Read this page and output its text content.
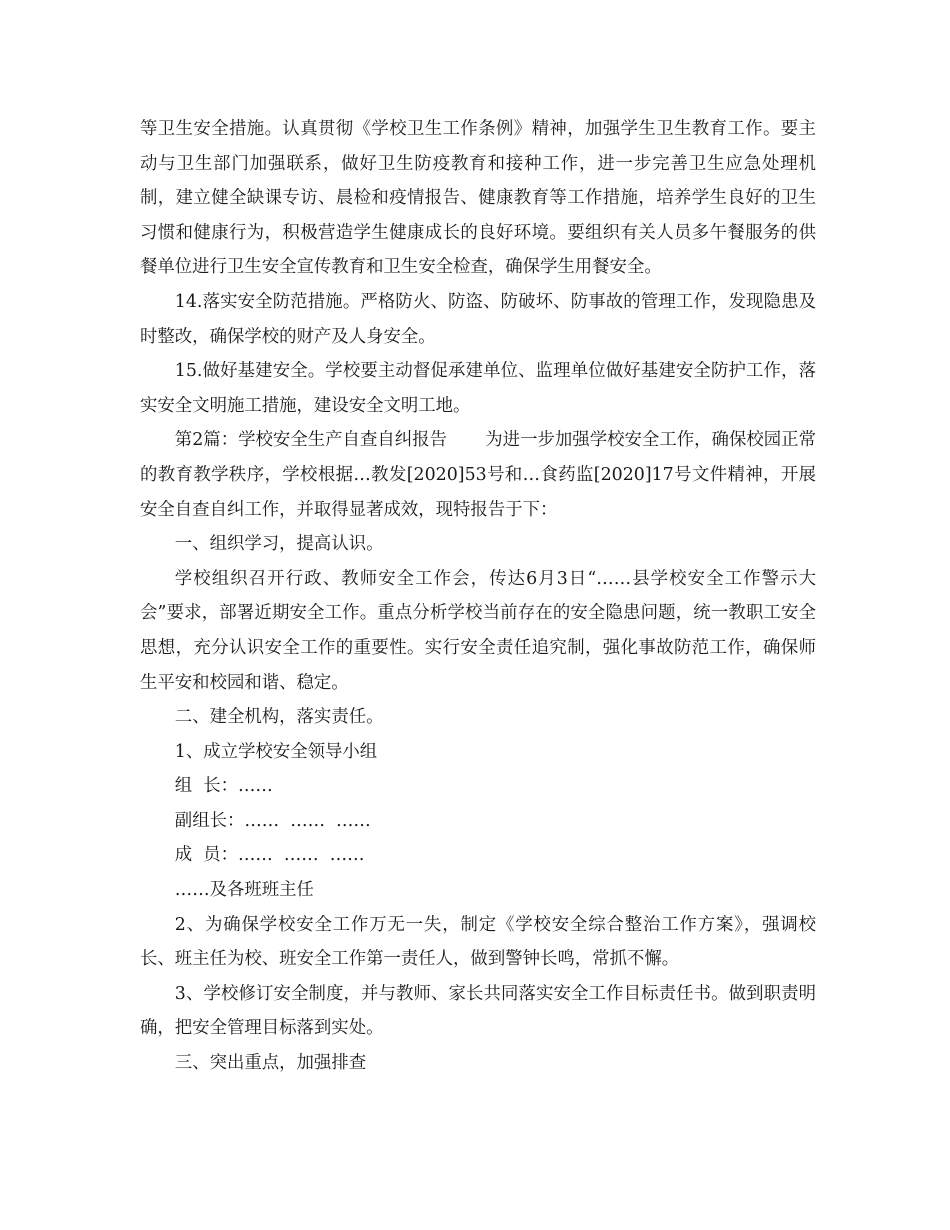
等卫生安全措施。认真贯彻《学校卫生工作条例》精神，加强学生卫生教育工作。要主动与卫生部门加强联系，做好卫生防疫教育和接种工作，进一步完善卫生应急处理机制，建立健全缺课专访、晨检和疫情报告、健康教育等工作措施，培养学生良好的卫生习惯和健康行为，积极营造学生健康成长的良好环境。要组织有关人员多午餐服务的供餐单位进行卫生安全宣传教育和卫生安全检查，确保学生用餐安全。

14.落实安全防范措施。严格防火、防盗、防破坏、防事故的管理工作，发现隐患及时整改，确保学校的财产及人身安全。

15.做好基建安全。学校要主动督促承建单位、监理单位做好基建安全防护工作，落实安全文明施工措施，建设安全文明工地。

第2篇：学校安全生产自查自纠报告 为进一步加强学校安全工作，确保校园正常的教育教学秩序，学校根据…教发[2020]53号和…食药监[2020]17号文件精神，开展安全自查自纠工作，并取得显著成效，现特报告于下：

一、组织学习，提高认识。

学校组织召开行政、教师安全工作会，传达6月3日“……县学校安全工作警示大会”要求，部署近期安全工作。重点分析学校当前存在的安全隐患问题，统一教职工安全思想，充分认识安全工作的重要性。实行安全责任追究制，强化事故防范工作，确保师生平安和校园和谐、稳定。

二、建全机构，落实责任。

1、成立学校安全领导小组

组  长：……

副组长：……  ……  ……

成  员：……  ……  ……

……及各班班主任

2、为确保学校安全工作万无一失，制定《学校安全综合整治工作方案》，强调校长、班主任为校、班安全工作第一责任人，做到警钟长鸣，常抓不懈。

3、学校修订安全制度，并与教师、家长共同落实安全工作目标责任书。做到职责明确，把安全管理目标落到实处。

三、突出重点，加强排查
